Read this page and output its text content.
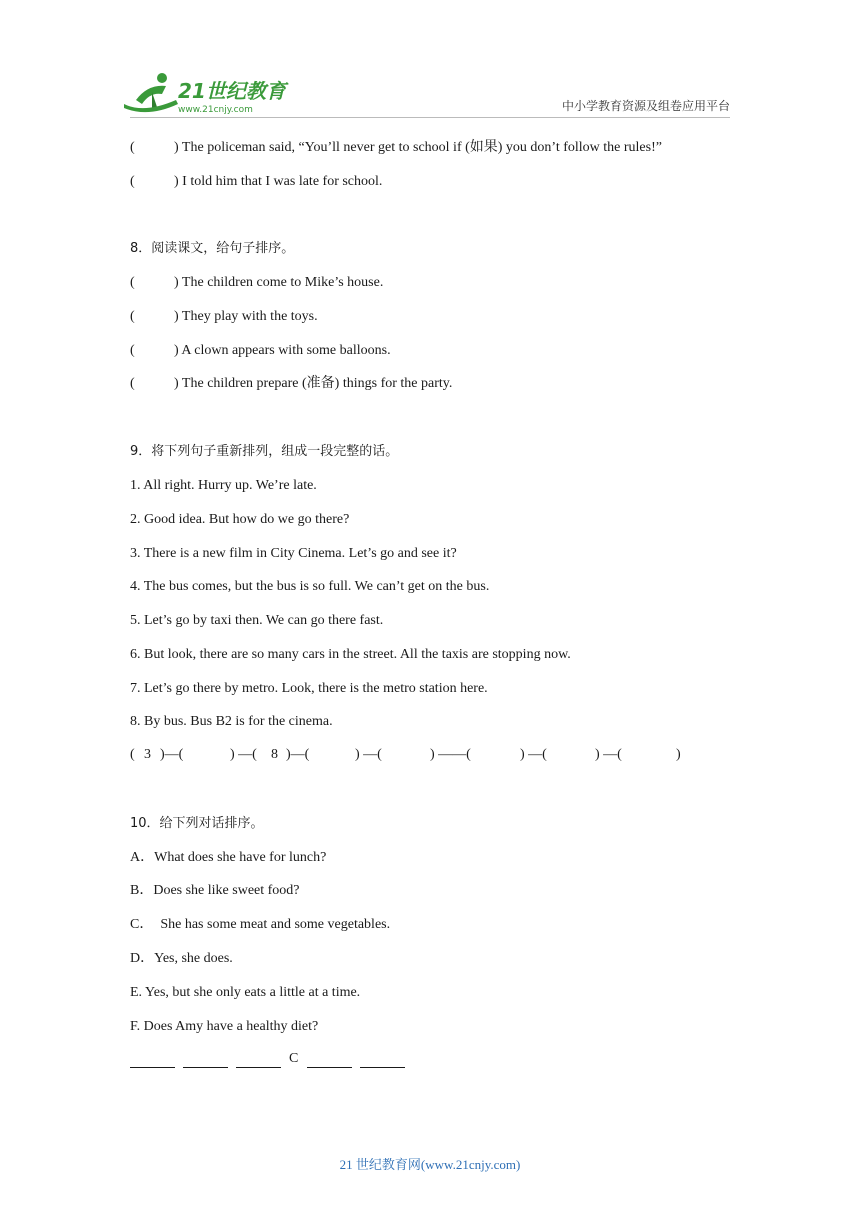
21世纪教育
www.21cnjy.com	中小学教育资源及组卷应用平台
(	) The policeman said, “You’ll never get to school if (如果) you don’t follow the rules!”
(	) I told him that I was late for school.
8．阅读课文，给句子排序。
(	) The children come to Mike’s house.
(	) They play with the toys.
(	) A clown appears with some balloons.
(	) The children prepare (准备) things for the party.
9．将下列句子重新排列，组成一段完整的话。
1. All right. Hurry up. We’re late.
2. Good idea. But how do we go there?
3. There is a new film in City Cinema. Let’s go and see it?
4. The bus comes, but the bus is so full. We can’t get on the bus.
5. Let’s go by taxi then. We can go there fast.
6. But look, there are so many cars in the street. All the taxis are stopping now.
7. Let’s go there by metro. Look, there is the metro station here.
8. By bus. Bus B2 is for the cinema.
( 3 )—(	) —( 8 )—(	) —(	) ——(	) —(	) —(	)
10．给下列对话排序。
A．What does she have for lunch?
B．Does she like sweet food?
C．  She has some meat and some vegetables.
D．Yes, she does.
E. Yes, but she only eats a little at a time.
F. Does Amy have a healthy diet?
C
21 世纪教育网(www.21cnjy.com)
